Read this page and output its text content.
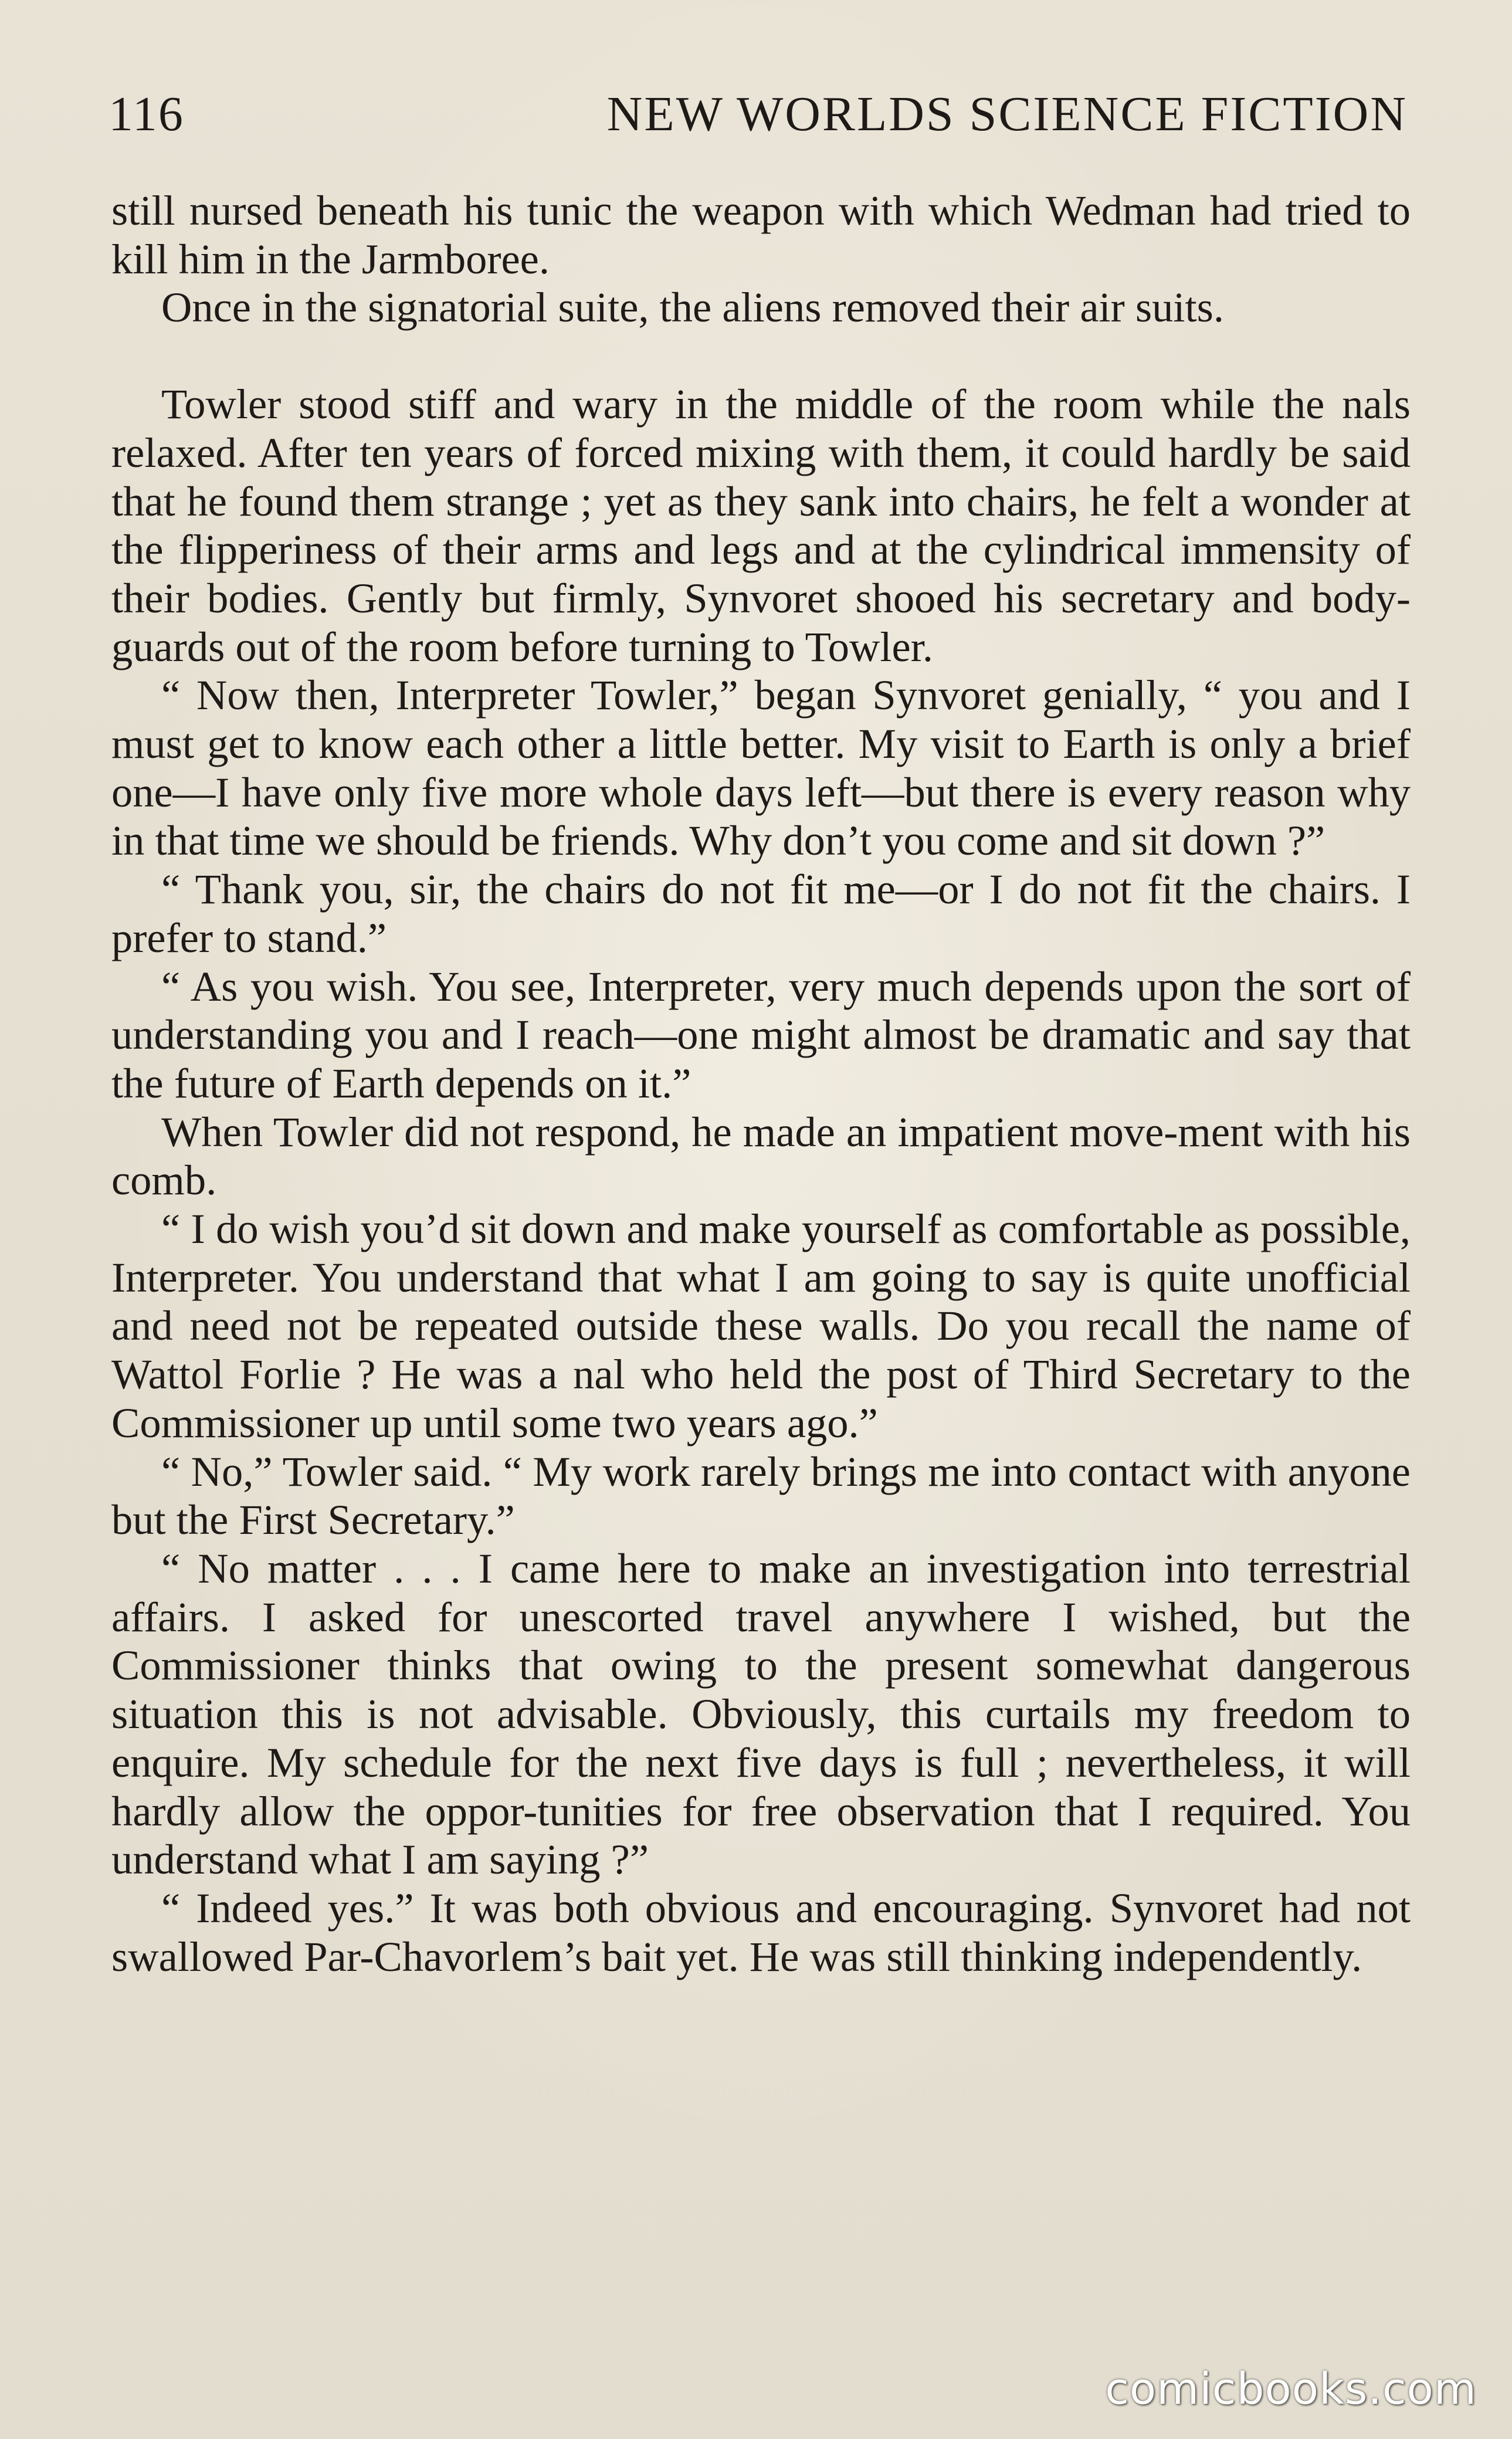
116	NEW WORLDS SCIENCE FICTION

still nursed beneath his tunic the weapon with which Wedman had tried to kill him in the Jarmboree.

Once in the signatorial suite, the aliens removed their air suits.

Towler stood stiff and wary in the middle of the room while the nals relaxed. After ten years of forced mixing with them, it could hardly be said that he found them strange ; yet as they sank into chairs, he felt a wonder at the flipperiness of their arms and legs and at the cylindrical immensity of their bodies. Gently but firmly, Synvoret shooed his secretary and body-guards out of the room before turning to Towler.

“ Now then, Interpreter Towler,” began Synvoret genially, “ you and I must get to know each other a little better. My visit to Earth is only a brief one—I have only five more whole days left—but there is every reason why in that time we should be friends. Why don’t you come and sit down ?”

“ Thank you, sir, the chairs do not fit me—or I do not fit the chairs. I prefer to stand.”

“ As you wish. You see, Interpreter, very much depends upon the sort of understanding you and I reach—one might almost be dramatic and say that the future of Earth depends on it.”

When Towler did not respond, he made an impatient move-ment with his comb.

“ I do wish you’d sit down and make yourself as comfortable as possible, Interpreter. You understand that what I am going to say is quite unofficial and need not be repeated outside these walls. Do you recall the name of Wattol Forlie ? He was a nal who held the post of Third Secretary to the Commissioner up until some two years ago.”

“ No,” Towler said. “ My work rarely brings me into contact with anyone but the First Secretary.”

“ No matter . . . I came here to make an investigation into terrestrial affairs. I asked for unescorted travel anywhere I wished, but the Commissioner thinks that owing to the present somewhat dangerous situation this is not advisable. Obviously, this curtails my freedom to enquire. My schedule for the next five days is full ; nevertheless, it will hardly allow the oppor-tunities for free observation that I required. You understand what I am saying ?”

“ Indeed yes.” It was both obvious and encouraging. Synvoret had not swallowed Par-Chavorlem’s bait yet. He was still thinking independently.

comicbooks.com
